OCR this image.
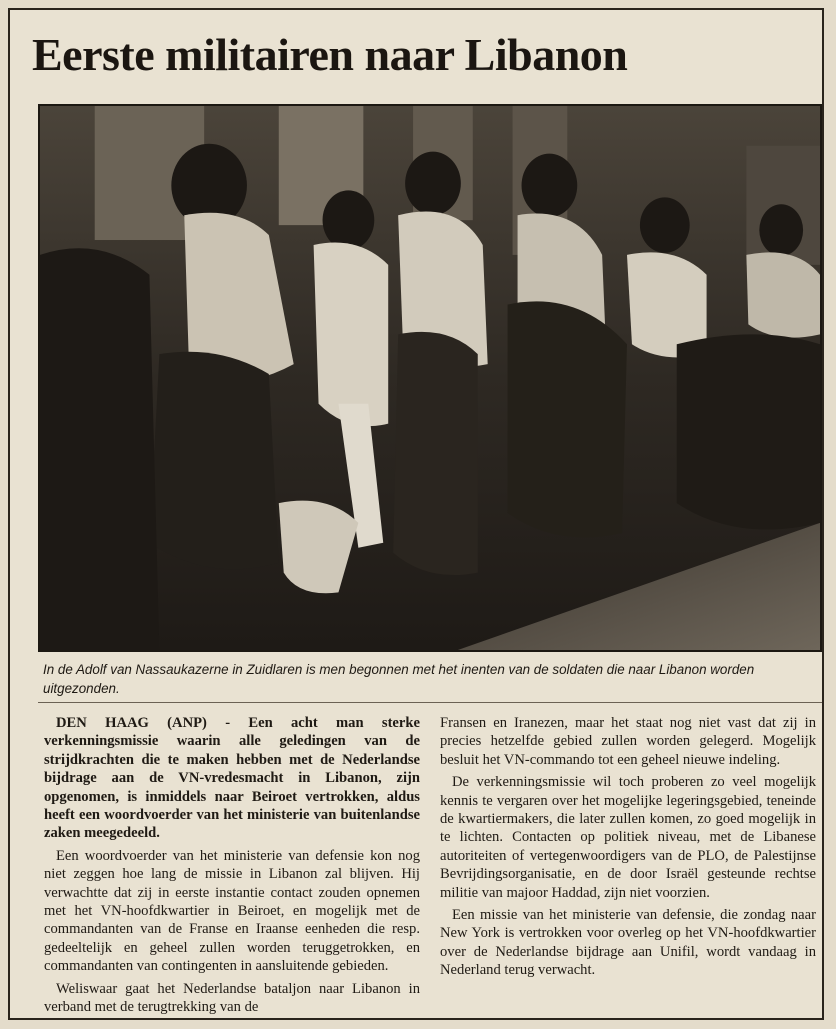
Eerste militairen naar Libanon

In de Adolf van Nassaukazerne in Zuidlaren is men begonnen met het inenten van de soldaten die naar Libanon worden uitgezonden.

DEN HAAG (ANP) - Een acht man sterke verkenningsmissie waarin alle geledingen van de strijdkrachten die te maken hebben met de Nederlandse bijdrage aan de VN-vredesmacht in Libanon, zijn opgenomen, is inmiddels naar Beiroet vertrokken, aldus heeft een woordvoerder van het ministerie van buitenlandse zaken meegedeeld.

Een woordvoerder van het ministerie van defensie kon nog niet zeggen hoe lang de missie in Libanon zal blijven. Hij verwachtte dat zij in eerste instantie contact zouden opnemen met het VN-hoofdkwartier in Beiroet, en mogelijk met de commandanten van de Franse en Iraanse eenheden die resp. gedeeltelijk en geheel zullen worden teruggetrokken, en commandanten van contingenten in aansluitende gebieden.

Weliswaar gaat het Nederlandse bataljon naar Libanon in verband met de terugtrekking van de

Fransen en Iranezen, maar het staat nog niet vast dat zij in precies hetzelfde gebied zullen worden gelegerd. Mogelijk besluit het VN-commando tot een geheel nieuwe indeling.

De verkenningsmissie wil toch proberen zo veel mogelijk kennis te vergaren over het mogelijke legeringsgebied, teneinde de kwartiermakers, die later zullen komen, zo goed mogelijk in te lichten. Contacten op politiek niveau, met de Libanese autoriteiten of vertegenwoordigers van de PLO, de Palestijnse Bevrijdingsorganisatie, en de door Israël gesteunde rechtse militie van majoor Haddad, zijn niet voorzien.

Een missie van het ministerie van defensie, die zondag naar New York is vertrokken voor overleg op het VN-hoofdkwartier over de Nederlandse bijdrage aan Unifil, wordt vandaag in Nederland terug verwacht.
